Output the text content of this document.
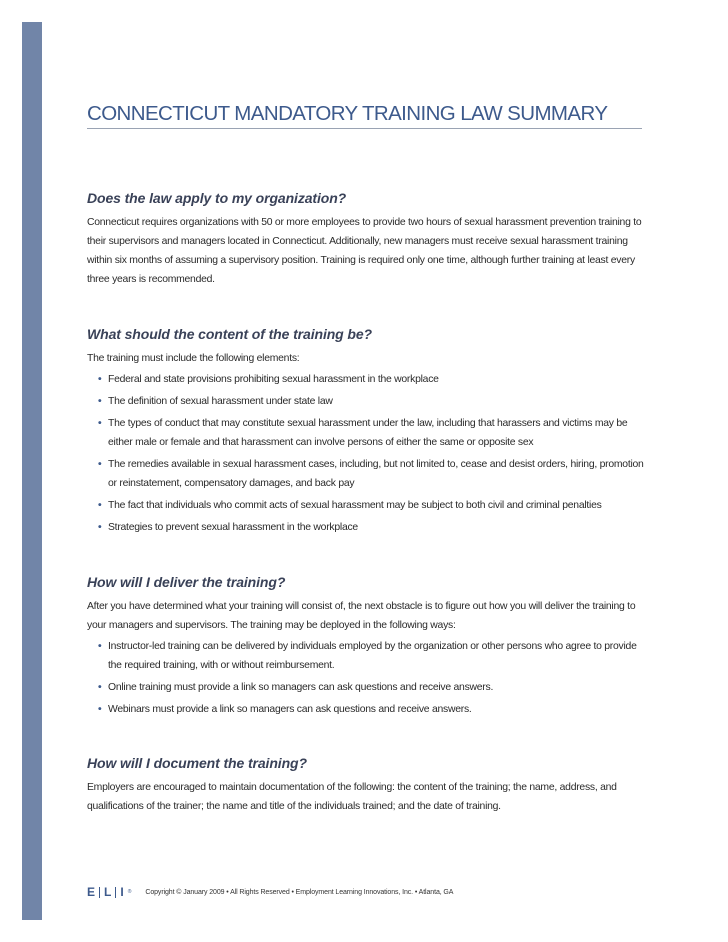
CONNECTICUT MANDATORY TRAINING LAW SUMMARY
Does the law apply to my organization?

Connecticut requires organizations with 50 or more employees to provide two hours of sexual harassment prevention training to their supervisors and managers located in Connecticut. Additionally, new managers must receive sexual harassment training within six months of assuming a supervisory position. Training is required only one time, although further training at least every three years is recommended.

What should the content of the training be?

The training must include the following elements:

• Federal and state provisions prohibiting sexual harassment in the workplace
• The definition of sexual harassment under state law
• The types of conduct that may constitute sexual harassment under the law, including that harassers and victims may be either male or female and that harassment can involve persons of either the same or opposite sex
• The remedies available in sexual harassment cases, including, but not limited to, cease and desist orders, hiring, promotion or reinstatement, compensatory damages, and back pay
• The fact that individuals who commit acts of sexual harassment may be subject to both civil and criminal penalties
• Strategies to prevent sexual harassment in the workplace
How will I deliver the training?

After you have determined what your training will consist of, the next obstacle is to figure out how you will deliver the training to your managers and supervisors. The training may be deployed in the following ways:

• Instructor-led training can be delivered by individuals employed by the organization or other persons who agree to provide the required training, with or without reimbursement.
• Online training must provide a link so managers can ask questions and receive answers.
• Webinars must provide a link so managers can ask questions and receive answers.
How will I document the training?

Employers are encouraged to maintain documentation of the following: the content of the training; the name, address, and qualifications of the trainer; the name and title of the individuals trained; and the date of training.

E L I ® Copyright © January 2009 • All Rights Reserved • Employment Learning Innovations, Inc. • Atlanta, GA
